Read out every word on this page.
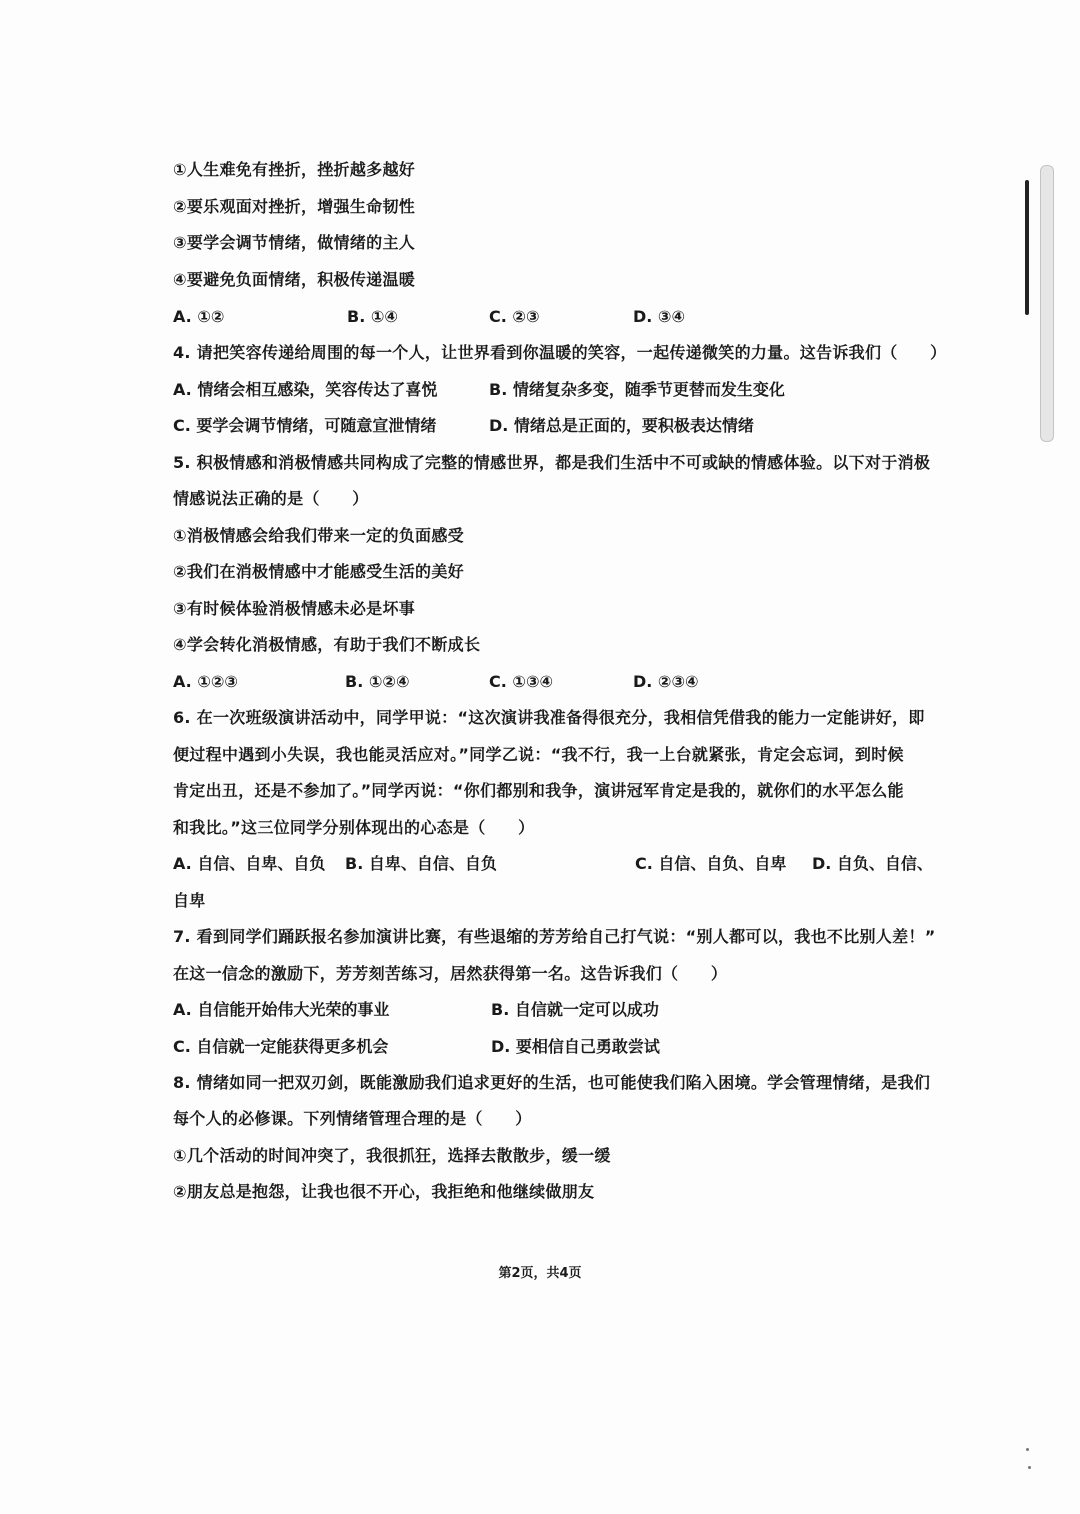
①人生难免有挫折，挫折越多越好
②要乐观面对挫折，增强生命韧性
③要学会调节情绪，做情绪的主人
④要避免负面情绪，积极传递温暖
A. ①②	B. ①④	C. ②③	D. ③④
4. 请把笑容传递给周围的每一个人，让世界看到你温暖的笑容，一起传递微笑的力量。这告诉我们（　　）
A. 情绪会相互感染，笑容传达了喜悦	B. 情绪复杂多变，随季节更替而发生变化
C. 要学会调节情绪，可随意宣泄情绪	D. 情绪总是正面的，要积极表达情绪
5. 积极情感和消极情感共同构成了完整的情感世界，都是我们生活中不可或缺的情感体验。以下对于消极
情感说法正确的是（　　）
①消极情感会给我们带来一定的负面感受
②我们在消极情感中才能感受生活的美好
③有时候体验消极情感未必是坏事
④学会转化消极情感，有助于我们不断成长
A. ①②③	B. ①②④	C. ①③④	D. ②③④
6. 在一次班级演讲活动中，同学甲说：“这次演讲我准备得很充分，我相信凭借我的能力一定能讲好，即
便过程中遇到小失误，我也能灵活应对。”同学乙说：“我不行，我一上台就紧张，肯定会忘词，到时候
肯定出丑，还是不参加了。”同学丙说：“你们都别和我争，演讲冠军肯定是我的，就你们的水平怎么能
和我比。”这三位同学分别体现出的心态是（　　）
A. 自信、自卑、自负 B. 自卑、自信、自负	C. 自信、自负、自卑 D. 自负、自信、
自卑
7. 看到同学们踊跃报名参加演讲比赛，有些退缩的芳芳给自己打气说：“别人都可以，我也不比别人差！”
在这一信念的激励下，芳芳刻苦练习，居然获得第一名。这告诉我们（　　）
A. 自信能开始伟大光荣的事业	B. 自信就一定可以成功
C. 自信就一定能获得更多机会	D. 要相信自己勇敢尝试
8. 情绪如同一把双刃剑，既能激励我们追求更好的生活，也可能使我们陷入困境。学会管理情绪，是我们
每个人的必修课。下列情绪管理合理的是（　　）
①几个活动的时间冲突了，我很抓狂，选择去散散步，缓一缓
②朋友总是抱怨，让我也很不开心，我拒绝和他继续做朋友
第2页，共4页
